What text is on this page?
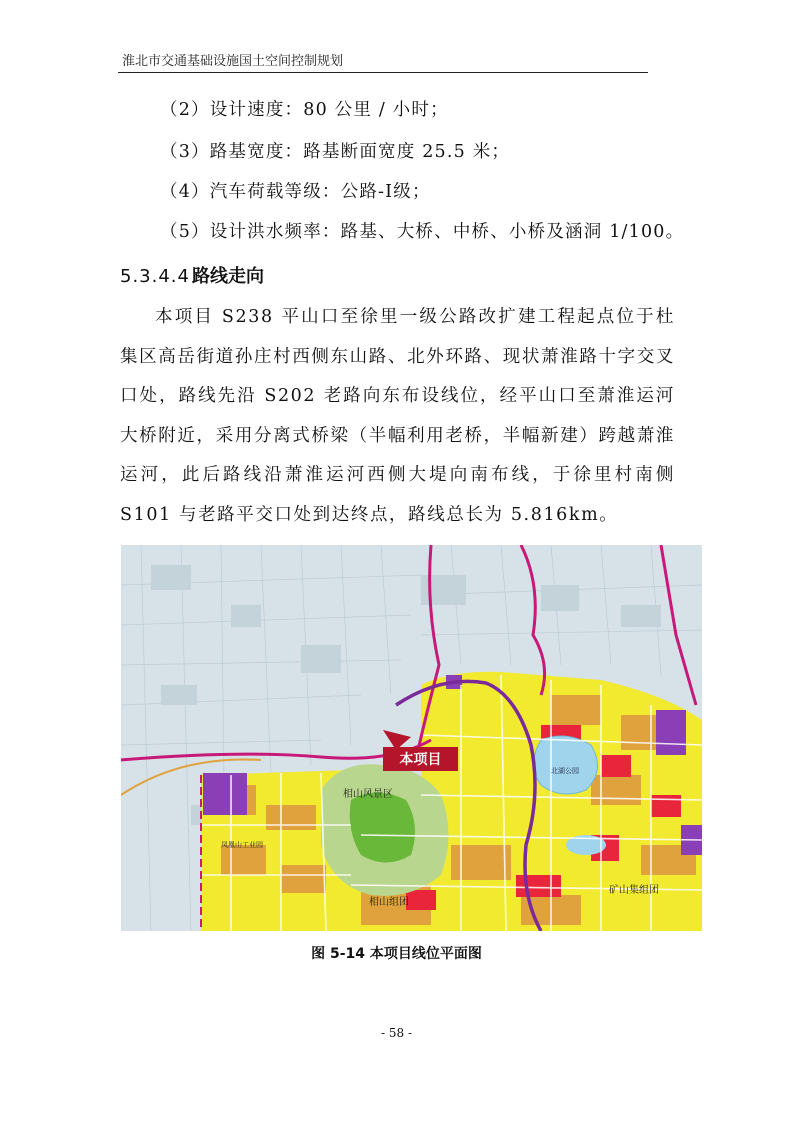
淮北市交通基础设施国土空间控制规划
（2）设计速度：80 公里 / 小时；
（3）路基宽度：路基断面宽度 25.5 米；
（4）汽车荷载等级：公路-Ⅰ级；
（5）设计洪水频率：路基、大桥、中桥、小桥及涵洞 1/100。
5.3.4.4 路线走向
本项目 S238 平山口至徐里一级公路改扩建工程起点位于杜集区高岳街道孙庄村西侧东山路、北外环路、现状萧淮路十字交叉口处，路线先沿 S202 老路向东布设线位，经平山口至萧淮运河大桥附近，采用分离式桥梁（半幅利用老桥，半幅新建）跨越萧淮运河，此后路线沿萧淮运河西侧大堤向南布线，于徐里村南侧 S101 与老路平交口处到达终点，路线总长为 5.816km。
本项目
相山风景区
相山组团
矿山集组团
北湖公园
凤凰山工业园
图 5-14 本项目线位平面图
- 58 -
